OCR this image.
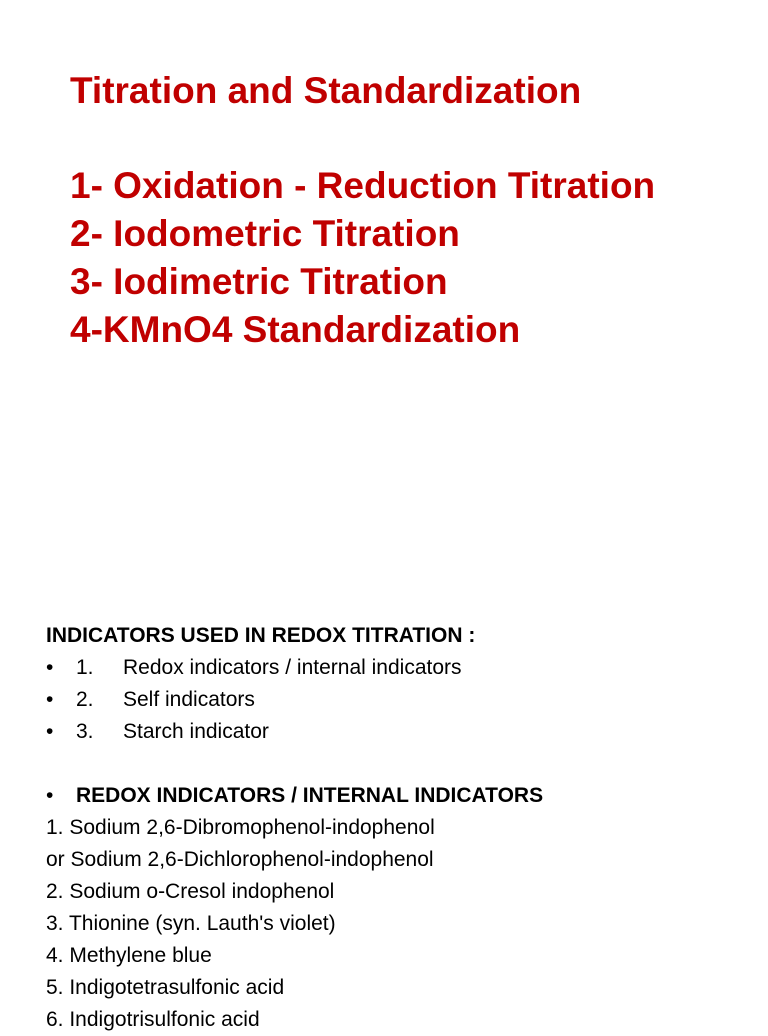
Titration and Standardization
1- Oxidation - Reduction Titration
2- Iodometric Titration
3- Iodimetric Titration
4-KMnO4 Standardization

INDICATORS USED IN REDOX TITRATION :

•	1.	Redox indicators / internal indicators
•	2.	Self indicators
•	3.	Starch indicator
•	REDOX INDICATORS / INTERNAL INDICATORS

1. Sodium 2,6-Dibromophenol-indophenol

or Sodium 2,6-Dichlorophenol-indophenol

2. Sodium o-Cresol indophenol

3. Thionine (syn. Lauth's violet)

4. Methylene blue

5. Indigotetrasulfonic acid

6. Indigotrisulfonic acid
